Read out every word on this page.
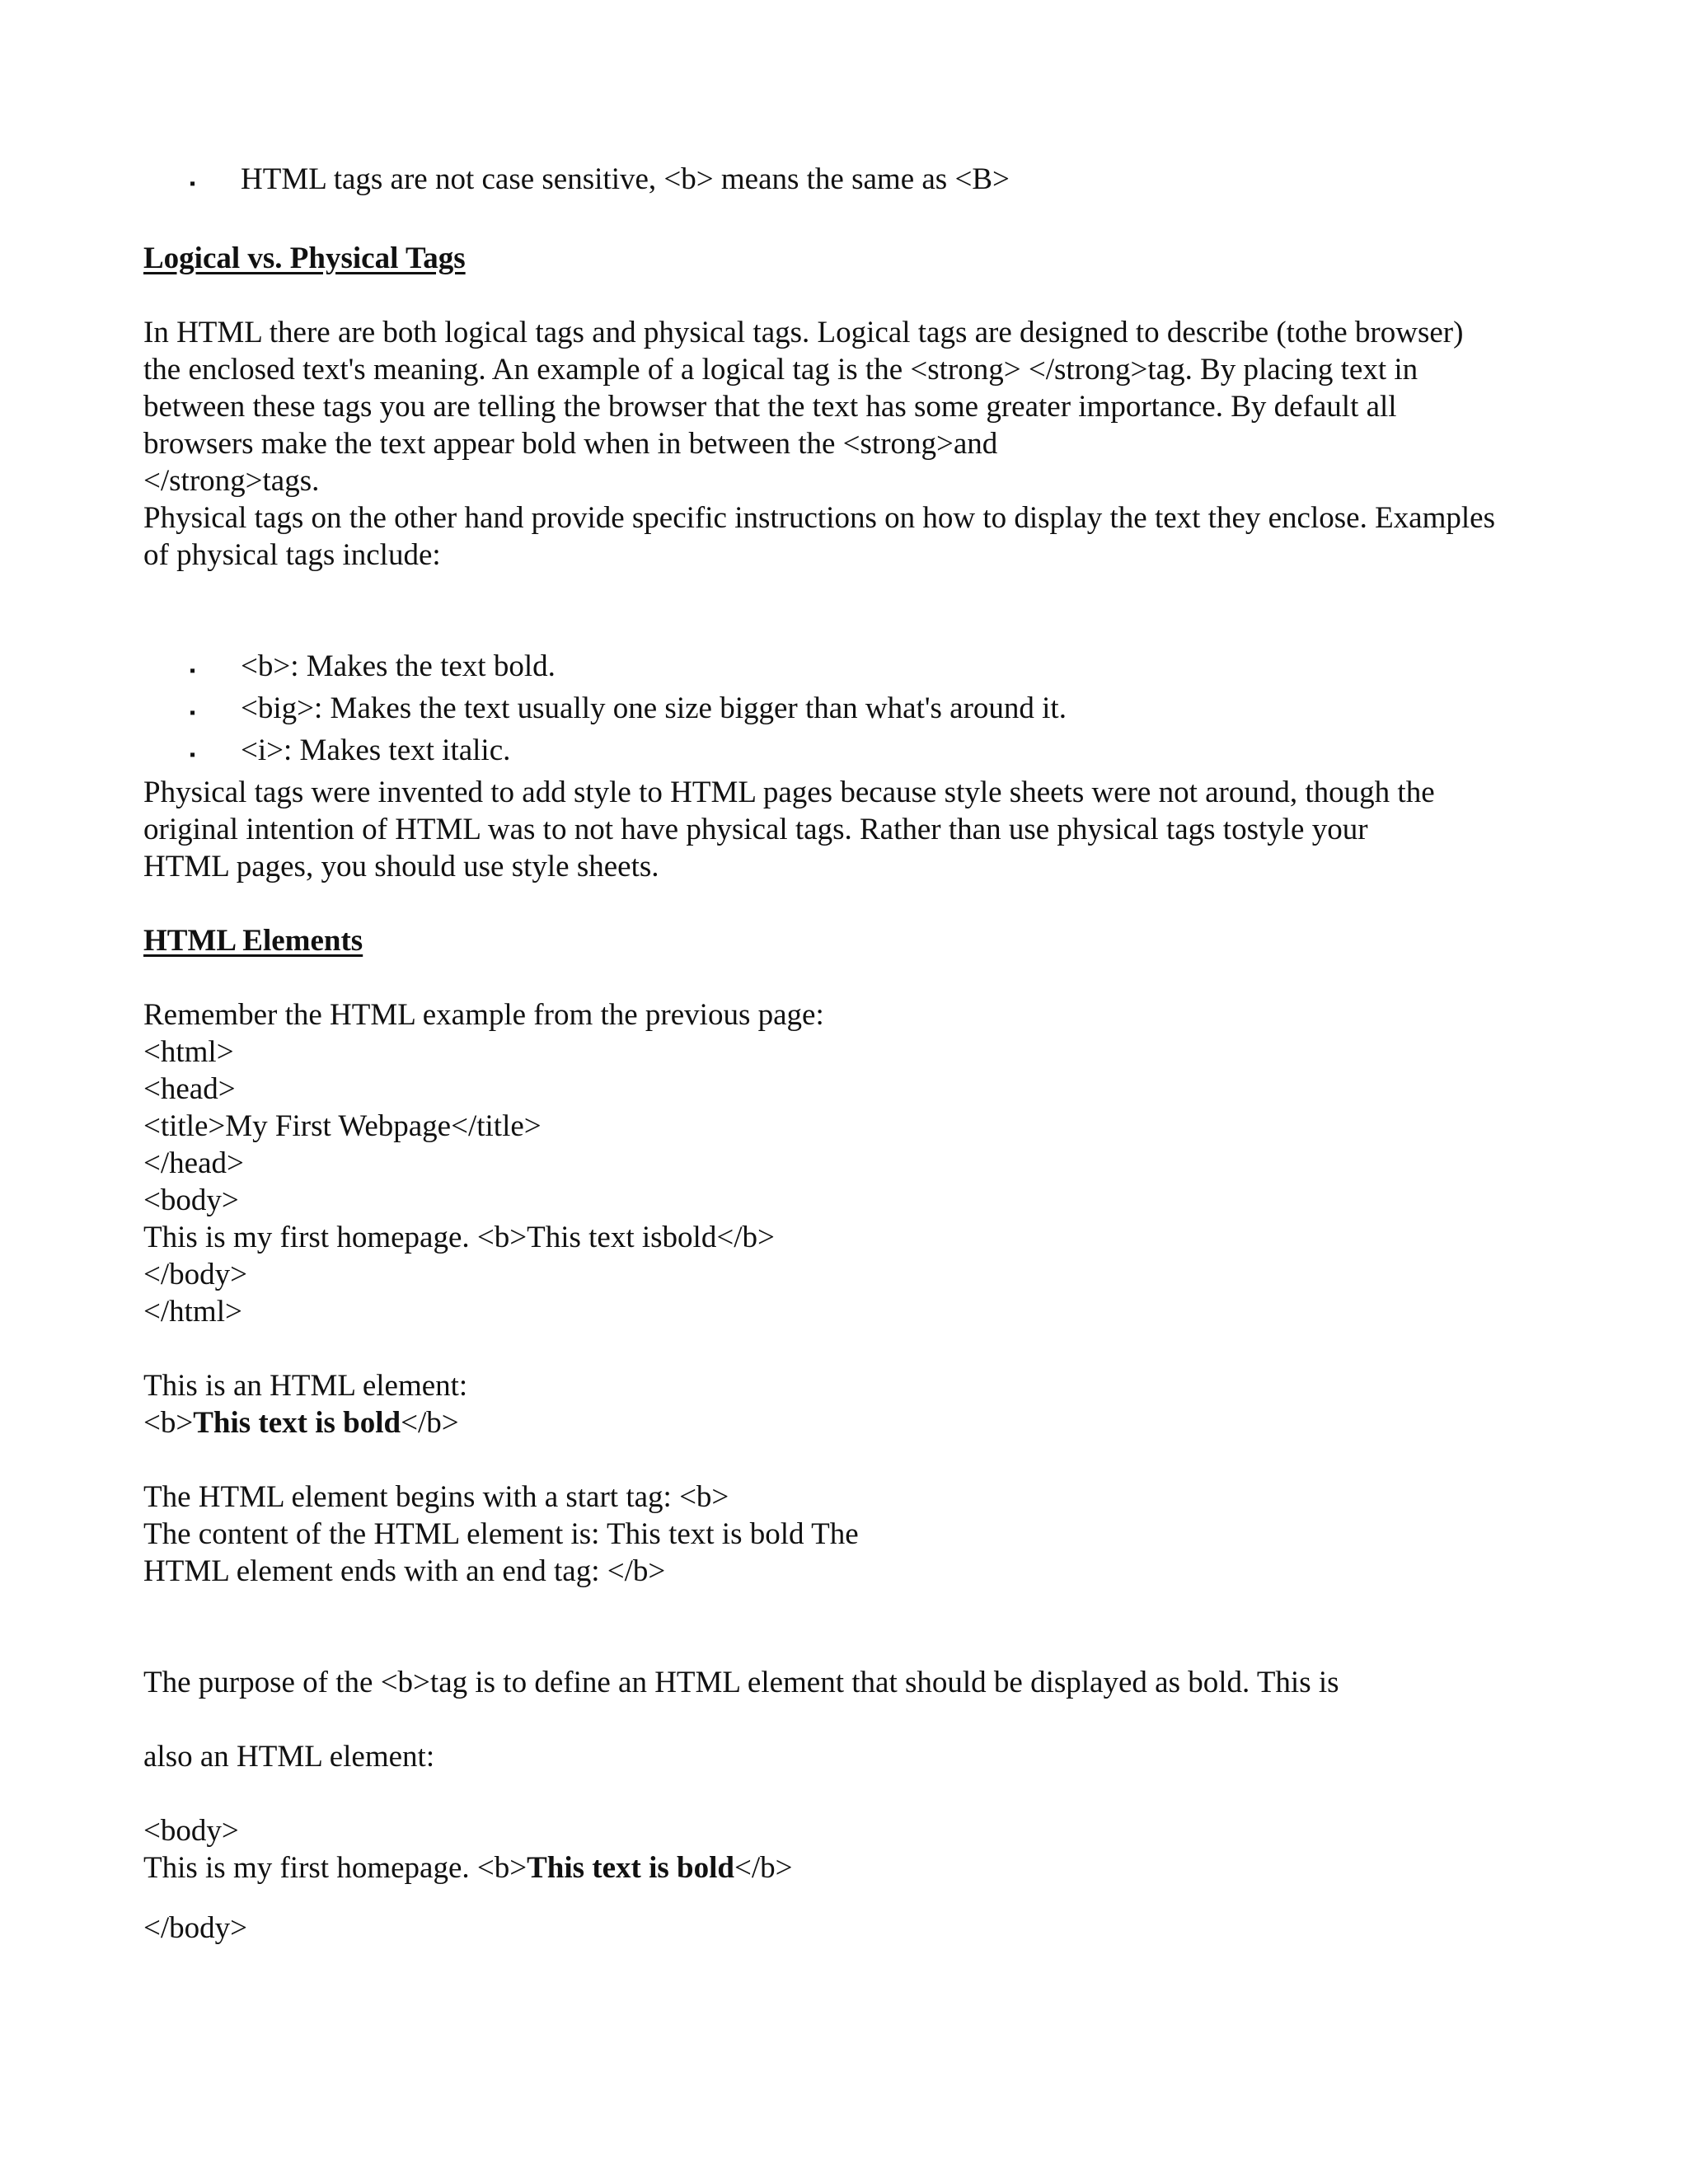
▪	HTML tags are not case sensitive, <b> means the same as <B>
Logical vs. Physical Tags
In HTML there are both logical tags and physical tags. Logical tags are designed to describe (tothe browser)
the enclosed text's meaning. An example of a logical tag is the <strong> </strong>tag. By placing text in
between these tags you are telling the browser that the text has some greater importance. By default all
browsers make the text appear bold when in between the <strong>and
</strong>tags.
Physical tags on the other hand provide specific instructions on how to display the text they enclose. Examples
of physical tags include:
▪	<b>: Makes the text bold.
▪	<big>: Makes the text usually one size bigger than what's around it.
▪	<i>: Makes text italic.
Physical tags were invented to add style to HTML pages because style sheets were not around, though the
original intention of HTML was to not have physical tags. Rather than use physical tags tostyle your
HTML pages, you should use style sheets.
HTML Elements
Remember the HTML example from the previous page:
<html>
<head>
<title>My First Webpage</title>
</head>
<body>
This is my first homepage. <b>This text isbold</b>
</body>
</html>
This is an HTML element:
<b>This text is bold</b>
The HTML element begins with a start tag: <b>
The content of the HTML element is: This text is bold The
HTML element ends with an end tag: </b>
The purpose of the <b>tag is to define an HTML element that should be displayed as bold. This is
also an HTML element:
<body>
This is my first homepage. <b>This text is bold</b>
</body>
